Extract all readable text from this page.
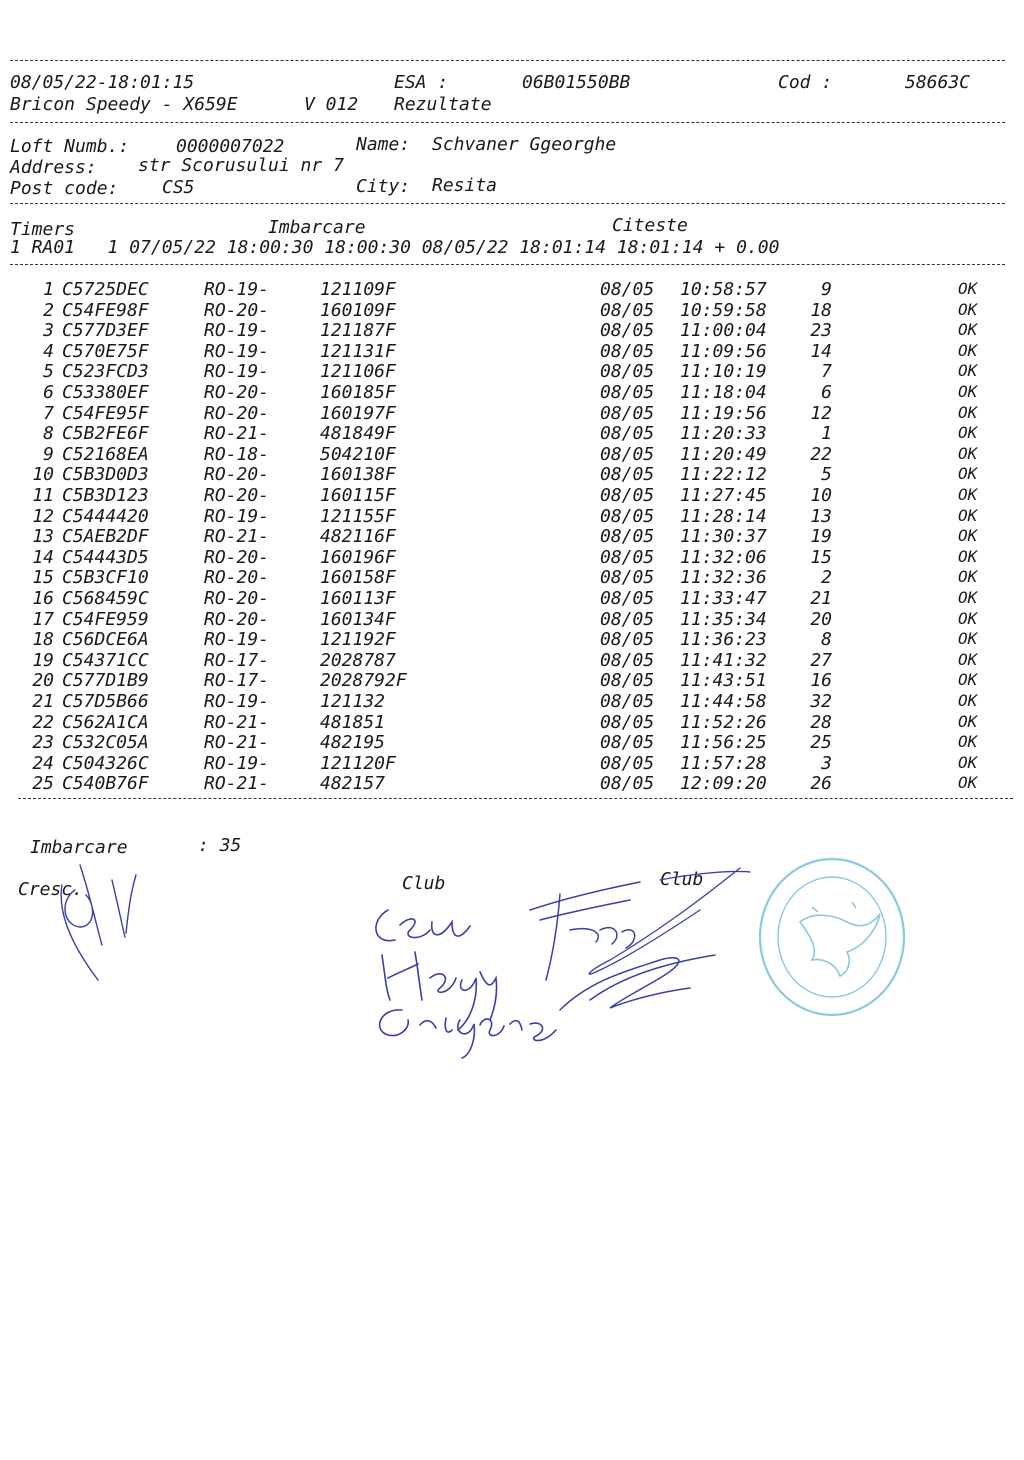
08/05/22-18:01:15	ESA :	06B01550BB	Cod :	58663C
Bricon Speedy - X659E	V 012 Rezultate
Loft Numb.:	0000007022	Name: Schvaner Ggeorghe
Address: str Scorusului nr 7
Post code: CS5	City: Resita
Timers	Imbarcare	Citeste
1 RA01   1 07/05/22 18:00:30 18:00:30 08/05/22 18:01:14 18:01:14 + 0.00
1 C5725DEC	RO-19-	121109F	08/05 10:58:57	9	OK
2 C54FE98F	RO-20-	160109F	08/05 10:59:58	18	OK
3 C577D3EF	RO-19-	121187F	08/05 11:00:04	23	OK
4 C570E75F	RO-19-	121131F	08/05 11:09:56	14	OK
5 C523FCD3	RO-19-	121106F	08/05 11:10:19	7	OK
6 C53380EF	RO-20-	160185F	08/05 11:18:04	6	OK
7 C54FE95F	RO-20-	160197F	08/05 11:19:56	12	OK
8 C5B2FE6F	RO-21-	481849F	08/05 11:20:33	1	OK
9 C52168EA	RO-18-	504210F	08/05 11:20:49	22	OK
10 C5B3D0D3	RO-20-	160138F	08/05 11:22:12	5	OK
11 C5B3D123	RO-20-	160115F	08/05 11:27:45	10	OK
12 C5444420	RO-19-	121155F	08/05 11:28:14	13	OK
13 C5AEB2DF	RO-21-	482116F	08/05 11:30:37	19	OK
14 C54443D5	RO-20-	160196F	08/05 11:32:06	15	OK
15 C5B3CF10	RO-20-	160158F	08/05 11:32:36	2	OK
16 C568459C	RO-20-	160113F	08/05 11:33:47	21	OK
17 C54FE959	RO-20-	160134F	08/05 11:35:34	20	OK
18 C56DCE6A	RO-19-	121192F	08/05 11:36:23	8	OK
19 C54371CC	RO-17-	2028787	08/05 11:41:32	27	OK
20 C577D1B9	RO-17-	2028792F	08/05 11:43:51	16	OK
21 C57D5B66	RO-19-	121132	08/05 11:44:58	32	OK
22 C562A1CA	RO-21-	481851	08/05 11:52:26	28	OK
23 C532C05A	RO-21-	482195	08/05 11:56:25	25	OK
24 C504326C	RO-19-	121120F	08/05 11:57:28	3	OK
25 C540B76F	RO-21-	482157	08/05 12:09:20	26	OK
Imbarcare	: 35
Cresc.	Club	Club
